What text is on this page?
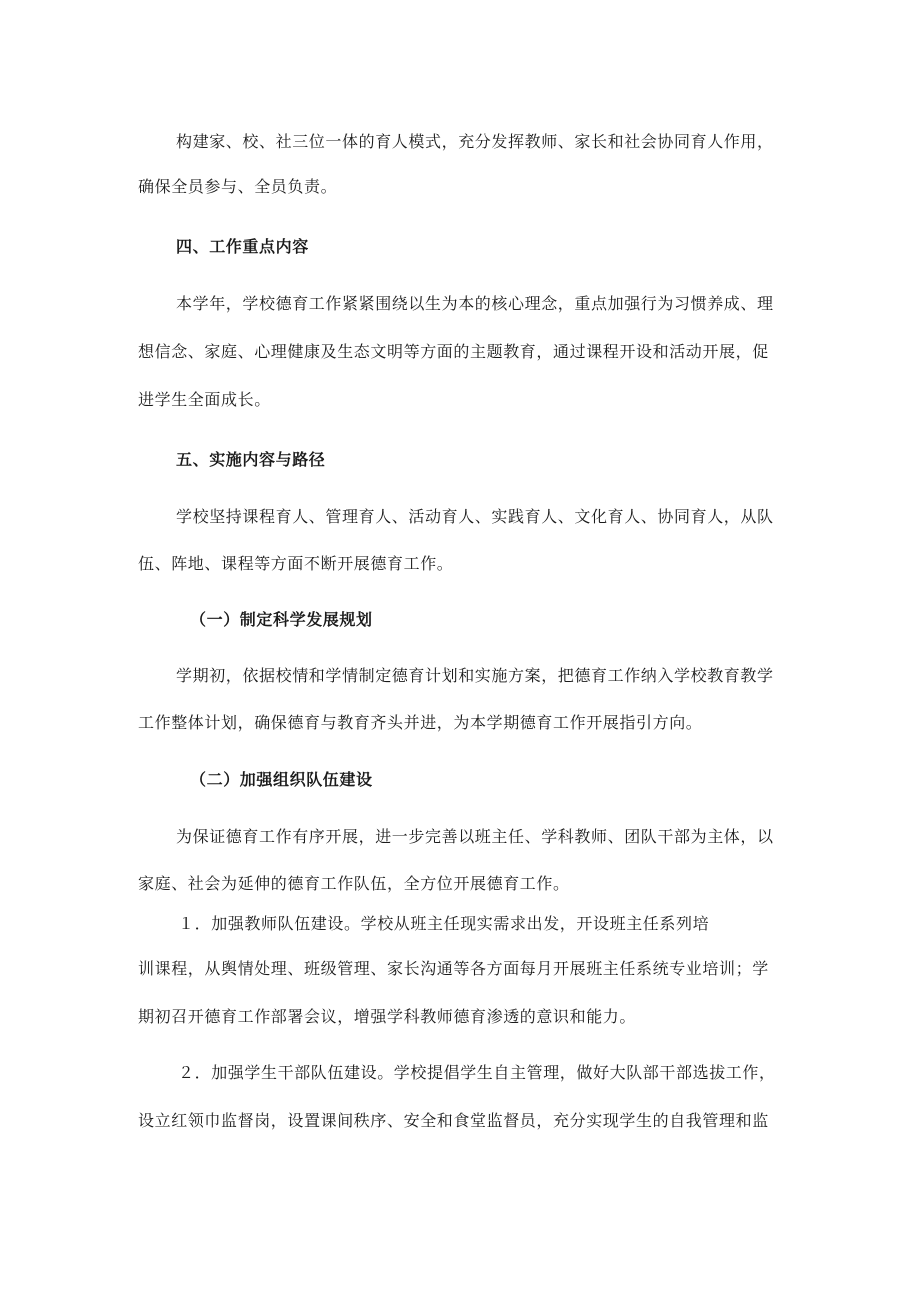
构建家、校、社三位一体的育人模式，充分发挥教师、家长和社会协同育人作用，
确保全员参与、全员负责。
四、工作重点内容
本学年，学校德育工作紧紧围绕以生为本的核心理念，重点加强行为习惯养成、理
想信念、家庭、心理健康及生态文明等方面的主题教育，通过课程开设和活动开展，促
进学生全面成长。
五、实施内容与路径
学校坚持课程育人、管理育人、活动育人、实践育人、文化育人、协同育人，从队
伍、阵地、课程等方面不断开展德育工作。
（一）制定科学发展规划
学期初，依据校情和学情制定德育计划和实施方案，把德育工作纳入学校教育教学
工作整体计划，确保德育与教育齐头并进，为本学期德育工作开展指引方向。
（二）加强组织队伍建设
为保证德育工作有序开展，进一步完善以班主任、学科教师、团队干部为主体，以
家庭、社会为延伸的德育工作队伍，全方位开展德育工作。
１．加强教师队伍建设。学校从班主任现实需求出发，开设班主任系列培
训课程，从舆情处理、班级管理、家长沟通等各方面每月开展班主任系统专业培训；学
期初召开德育工作部署会议，增强学科教师德育渗透的意识和能力。
２．加强学生干部队伍建设。学校提倡学生自主管理，做好大队部干部选拔工作，
设立红领巾监督岗，设置课间秩序、安全和食堂监督员，充分实现学生的自我管理和监
